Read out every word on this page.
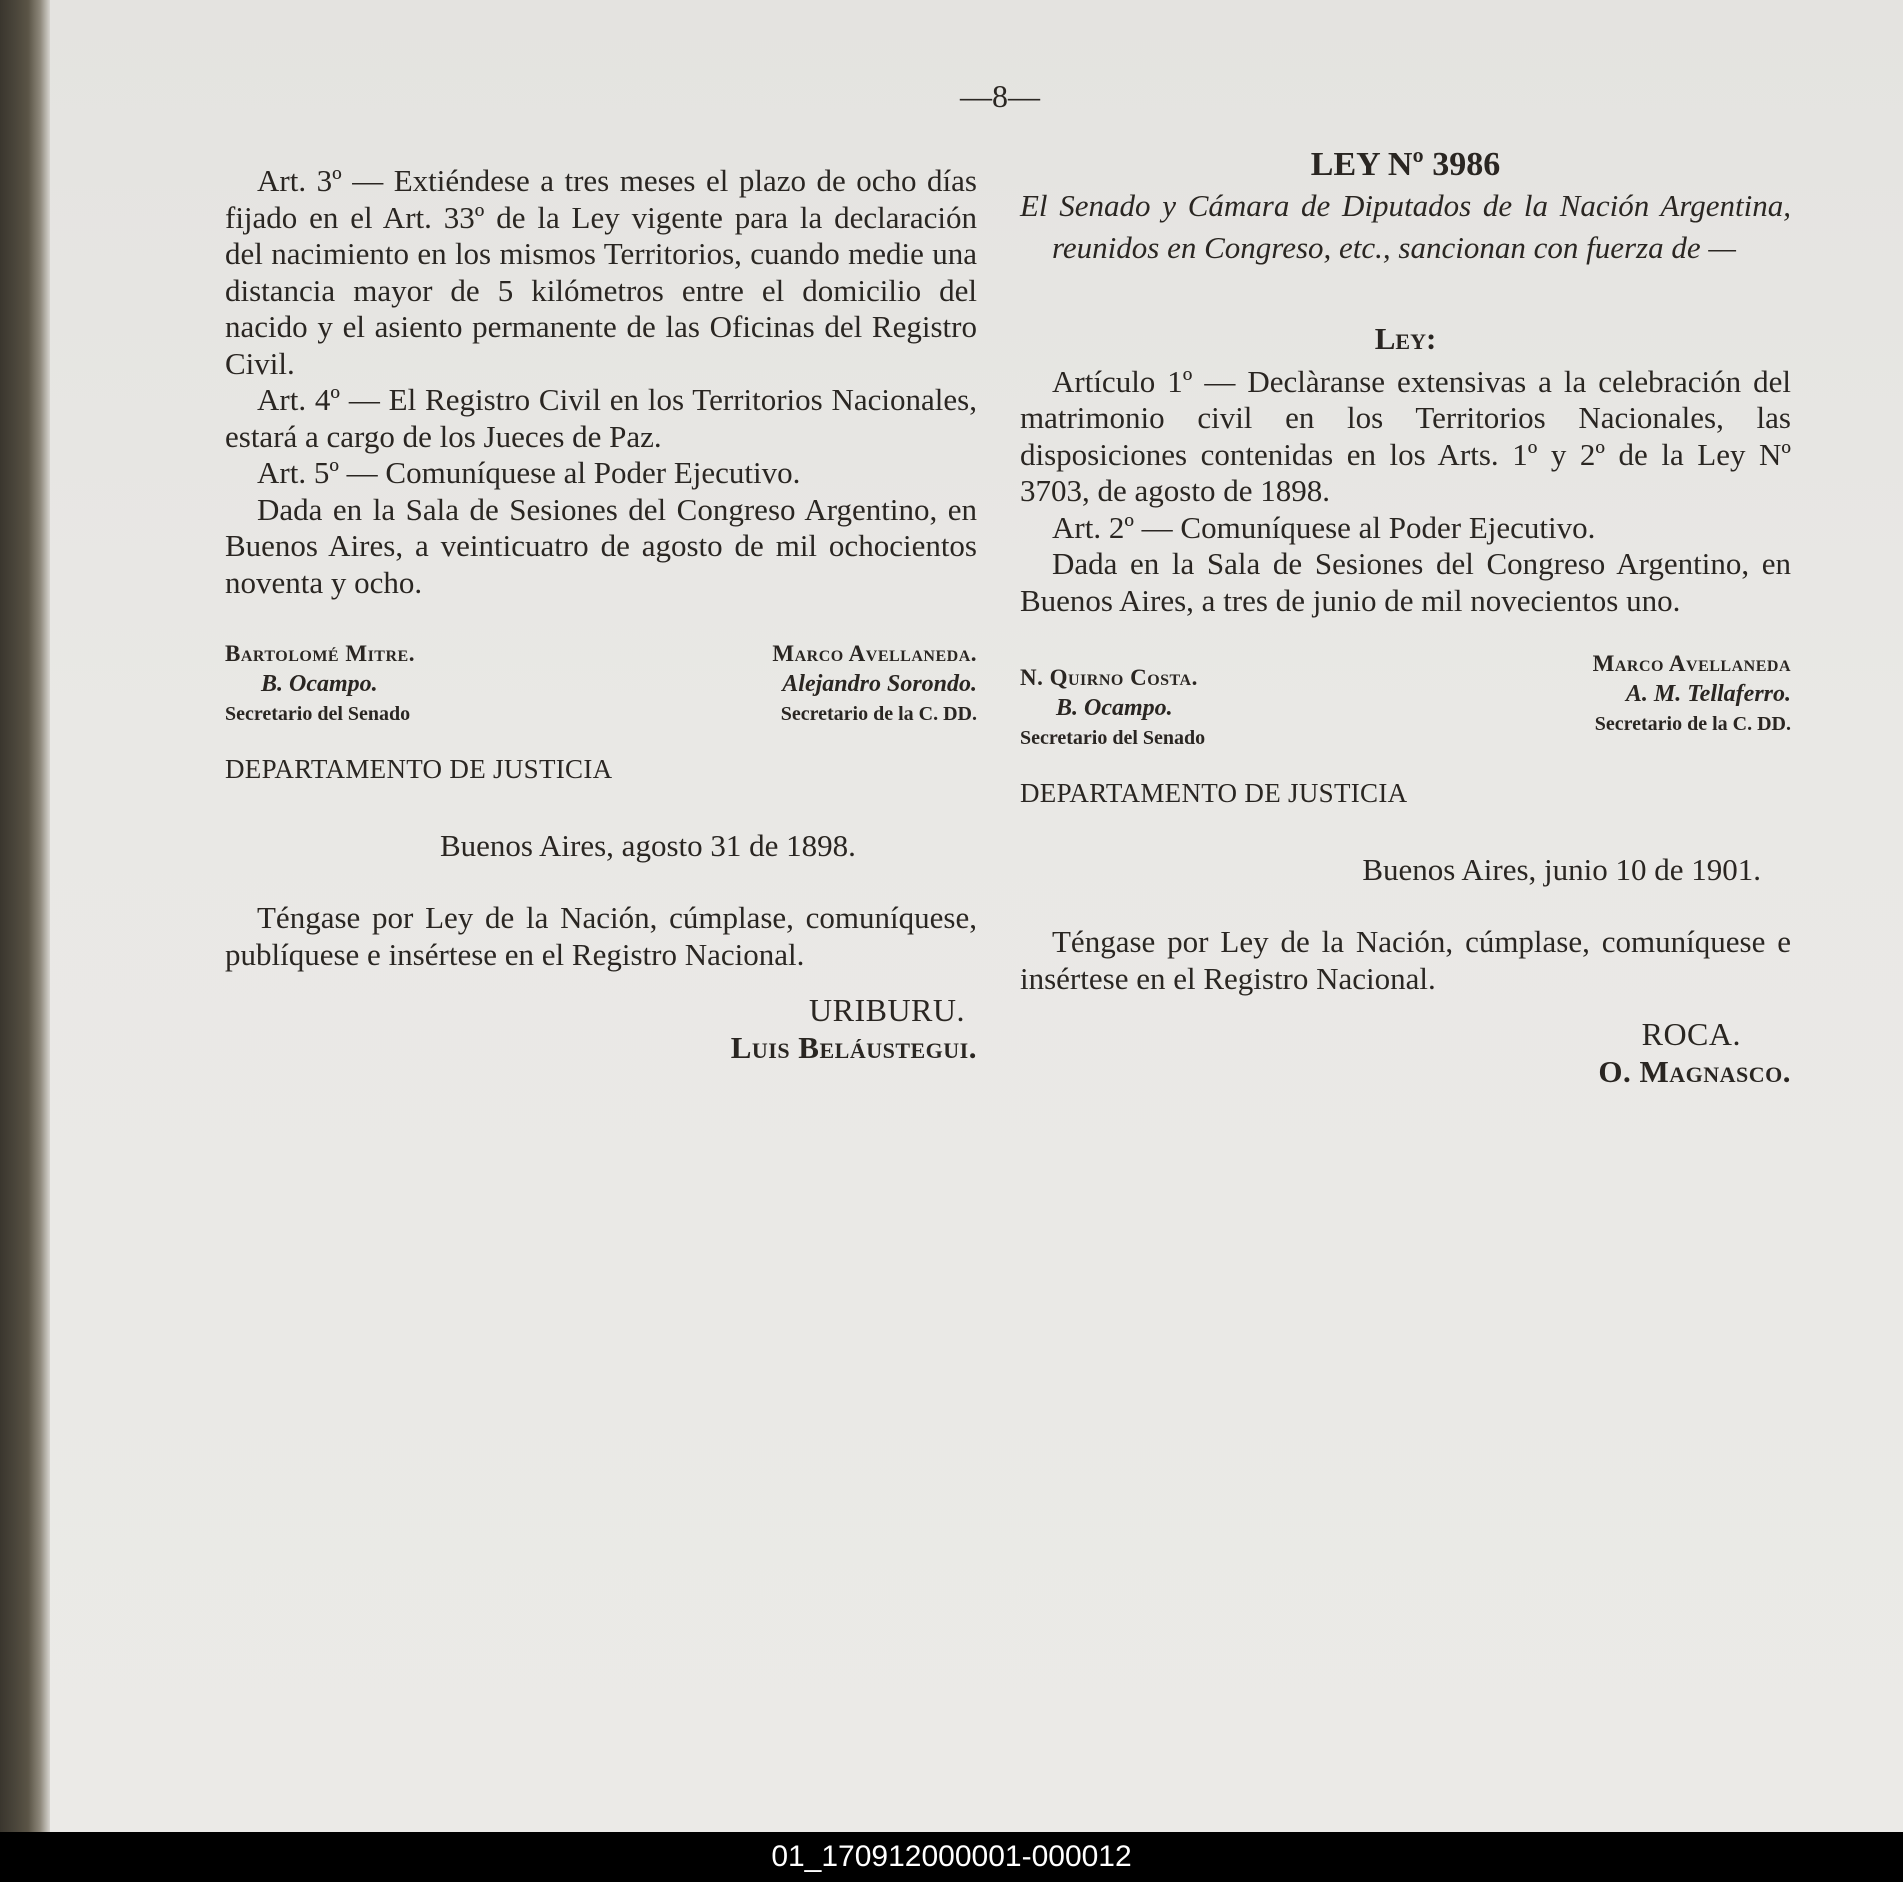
—8—

Art. 3º — Extiéndese a tres meses el plazo de ocho días fijado en el Art. 33º de la Ley vigente para la declaración del nacimiento en los mismos Territorios, cuando medie una distancia mayor de 5 kilómetros entre el domicilio del nacido y el asiento permanente de las Oficinas del Registro Civil.

Art. 4º — El Registro Civil en los Territorios Nacionales, estará a cargo de los Jueces de Paz.

Art. 5º — Comuníquese al Poder Ejecutivo.

Dada en la Sala de Sesiones del Congreso Argentino, en Buenos Aires, a veinticuatro de agosto de mil ochocientos noventa y ocho.

Bartolomé Mitre.
B. Ocampo.
Secretario del Senado
Marco Avellaneda.
Alejandro Sorondo.
Secretario de la C. DD.

DEPARTAMENTO DE JUSTICIA

Buenos Aires, agosto 31 de 1898.

Téngase por Ley de la Nación, cúmplase, comuníquese, publíquese e insértese en el Registro Nacional.

URIBURU.
Luis Beláustegui.

LEY Nº 3986

El Senado y Cámara de Diputados de la Nación Argentina, reunidos en Congreso, etc., sancionan con fuerza de —

Ley:

Artículo 1º — Declàranse extensivas a la celebración del matrimonio civil en los Territorios Nacionales, las disposiciones contenidas en los Arts. 1º y 2º de la Ley Nº 3703, de agosto de 1898.

Art. 2º — Comuníquese al Poder Ejecutivo.

Dada en la Sala de Sesiones del Congreso Argentino, en Buenos Aires, a tres de junio de mil novecientos uno.

N. Quirno Costa.
B. Ocampo.
Secretario del Senado
Marco Avellaneda
A. M. Tellaferro.
Secretario de la C. DD.

DEPARTAMENTO DE JUSTICIA

Buenos Aires, junio 10 de 1901.

Téngase por Ley de la Nación, cúmplase, comuníquese e insértese en el Registro Nacional.

ROCA.
O. Magnasco.
01_170912000001-000012
